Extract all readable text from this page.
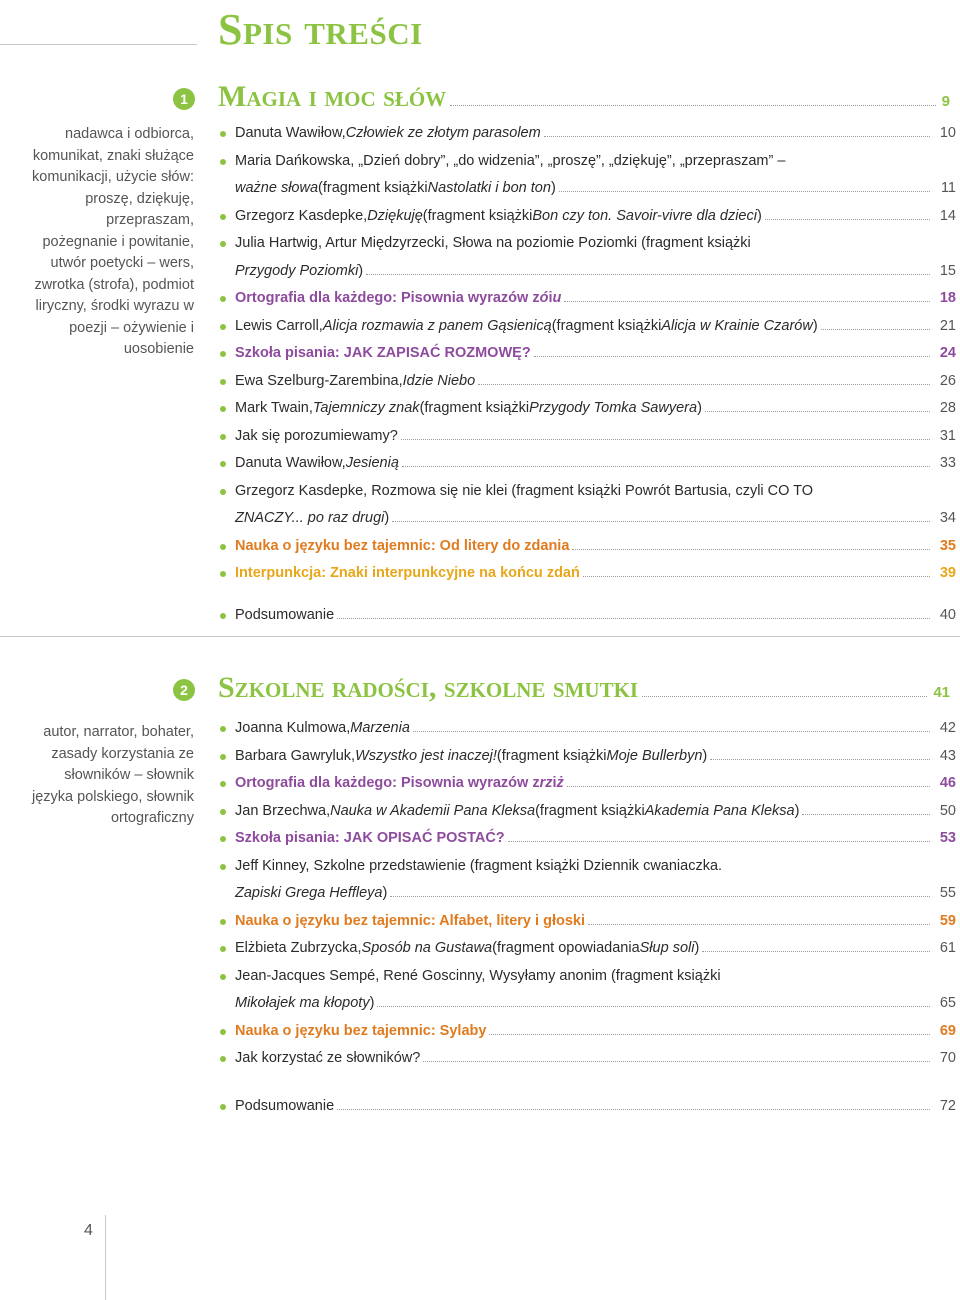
Spis treści
1 Magia i moc słów	9
nadawca i odbiorca, komunikat, znaki służące komunikacji, użycie słów: proszę, dziękuję, przepraszam, pożegnanie i powitanie, utwór poetycki – wers, zwrotka (strofa), podmiot liryczny, środki wyrazu w poezji – ożywienie i uosobienie
Danuta Wawiłow, Człowiek ze złotym parasolem	10
Maria Dańkowska, „Dzień dobry”, „do widzenia”, „proszę”, „dziękuję”, „przepraszam” –
ważne słowa (fragment książki Nastolatki i bon ton )	11
Grzegorz Kasdepke, Dziękuję (fragment książki Bon czy ton. Savoir-vivre dla dzieci )	14
Julia Hartwig, Artur Międzyrzecki, Słowa na poziomie Poziomki (fragment książki
Przygody Poziomki )	15
Ortografia dla każdego: Pisownia wyrazów z ó i u	18
Lewis Carroll, Alicja rozmawia z panem Gąsienicą (fragment książki Alicja w Krainie Czarów )	21
Szkoła pisania: JAK ZAPISAĆ ROZMOWĘ?	24
Ewa Szelburg-Zarembina, Idzie Niebo	26
Mark Twain, Tajemniczy znak (fragment książki Przygody Tomka Sawyera )	28
Jak się porozumiewamy?	31
Danuta Wawiłow, Jesienią	33
Grzegorz Kasdepke, Rozmowa się nie klei (fragment książki Powrót Bartusia, czyli CO TO
ZNACZY... po raz drugi )	34
Nauka o języku bez tajemnic: Od litery do zdania	35
Interpunkcja: Znaki interpunkcyjne na końcu zdań	39
Podsumowanie	40
2 Szkolne radości, szkolne smutki	41
autor, narrator, bohater, zasady korzystania ze słowników – słownik języka polskiego, słownik ortograficzny
Joanna Kulmowa, Marzenia	42
Barbara Gawryluk, Wszystko jest inaczej! (fragment książki Moje Bullerbyn )	43
Ortografia dla każdego: Pisownia wyrazów z rz i ż	46
Jan Brzechwa, Nauka w Akademii Pana Kleksa (fragment książki Akademia Pana Kleksa )	50
Szkoła pisania: JAK OPISAĆ POSTAĆ?	53
Jeff Kinney, Szkolne przedstawienie (fragment książki Dziennik cwaniaczka.
Zapiski Grega Heffleya )	55
Nauka o języku bez tajemnic: Alfabet, litery i głoski	59
Elżbieta Zubrzycka, Sposób na Gustawa (fragment opowiadania Słup soli )	61
Jean-Jacques Sempé, René Goscinny, Wysyłamy anonim (fragment książki
Mikołajek ma kłopoty )	65
Nauka o języku bez tajemnic: Sylaby	69
Jak korzystać ze słowników?	70
Podsumowanie	72
4
